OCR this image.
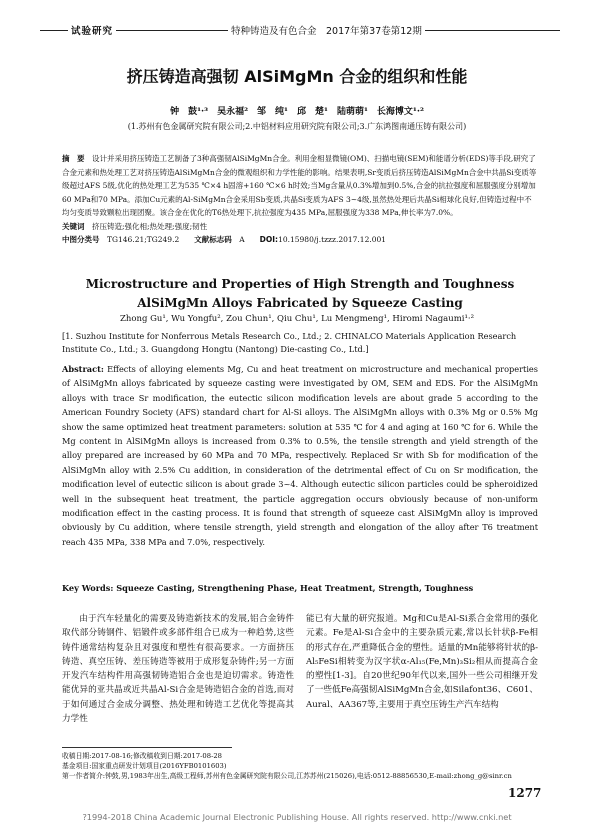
试验研究	特种铸造及有色合金　2017年第37卷第12期
挤压铸造高强韧 AlSiMgMn 合金的组织和性能
钟　鼓¹·³　吴永福²　邹　纯¹　邱　楚¹　陆萌萌¹　长海博文¹·²
(1.苏州有色金属研究院有限公司;2.中铝材料应用研究院有限公司;3.广东鸿图南通压铸有限公司)
摘　要　 设计并采用挤压铸造工艺制备了3种高强韧AlSiMgMn合金。利用金相显微镜(OM)、扫描电镜(SEM)和能谱分析(EDS)等手段,研究了合金元素和热处理工艺对挤压铸造AlSiMgMn合金的微观组织和力学性能的影响。结果表明,Sr变质后挤压铸造AlSiMgMn合金中共晶Si变质等级超过AFS 5级,优化的热处理工艺为535 ℃×4 h固溶+160 ℃×6 h时效;当Mg含量从0.3%增加到0.5%,合金的抗拉强度和屈服强度分别增加60 MPa和70 MPa。添加Cu元素的Al-SiMgMn合金采用Sb变质,共晶Si变质为AFS 3~4级,虽然热处理后共晶Si相球化良好,但铸造过程中不均匀变质导致颗粒出现团聚。该合金在优化的T6热处理下,抗拉强度为435 MPa,屈服强度为338 MPa,伸长率为7.0%。
关键词　 挤压铸造;强化相;热处理;强度;韧性
中图分类号　 TG146.21;TG249.2　　 文献标志码　 A　　 DOI:10.15980/j.tzzz.2017.12.001
Microstructure and Properties of High Strength and Toughness AlSiMgMn Alloys Fabricated by Squeeze Casting
Zhong Gu¹, Wu Yongfu², Zou Chun¹, Qiu Chu¹, Lu Mengmeng¹, Hiromi Nagaumi¹·²
[1. Suzhou Institute for Nonferrous Metals Research Co., Ltd.; 2. CHINALCO Materials Application Research Institute Co., Ltd.; 3. Guangdong Hongtu (Nantong) Die-casting Co., Ltd.]
Abstract: Effects of alloying elements Mg, Cu and heat treatment on microstructure and mechanical properties of AlSiMgMn alloys fabricated by squeeze casting were investigated by OM, SEM and EDS. For the AlSiMgMn alloys with trace Sr modification, the eutectic silicon modification levels are about grade 5 according to the American Foundry Society (AFS) standard chart for Al-Si alloys. The AlSiMgMn alloys with 0.3% Mg or 0.5% Mg show the same optimized heat treatment parameters: solution at 535 ℃ for 4 and aging at 160 ℃ for 6. While the Mg content in AlSiMgMn alloys is increased from 0.3% to 0.5%, the tensile strength and yield strength of the alloy prepared are increased by 60 MPa and 70 MPa, respectively. Replaced Sr with Sb for modification of the AlSiMgMn alloy with 2.5% Cu addition, in consideration of the detrimental effect of Cu on Sr modification, the modification level of eutectic silicon is about grade 3~4. Although eutectic silicon particles could be spheroidized well in the subsequent heat treatment, the particle aggregation occurs obviously because of non-uniform modification effect in the casting process. It is found that strength of squeeze cast AlSiMgMn alloy is improved obviously by Cu addition, where tensile strength, yield strength and elongation of the alloy after T6 treatment reach 435 MPa, 338 MPa and 7.0%, respectively.
Key Words: Squeeze Casting, Strengthening Phase, Heat Treatment, Strength, Toughness

由于汽车轻量化的需要及铸造新技术的发展,铝合金铸件取代部分铸钢件、铝锻件或多部件组合已成为一种趋势,这些铸件通常结构复杂且对强度和塑性有很高要求。一方面挤压铸造、真空压铸、差压铸造等被用于成形复杂铸件;另一方面开发汽车结构件用高强韧铸造铝合金也是迫切需求。铸造性能优异的亚共晶或近共晶Al-Si合金是铸造铝合金的首选,而对于如何通过合金成分调整、热处理和铸造工艺优化等提高其力学性

能已有大量的研究报道。Mg和Cu是Al-Si系合金常用的强化元素。Fe是Al-Si合金中的主要杂质元素,常以长针状β-Fe相的形式存在,严重降低合金的塑性。适量的Mn能够将针状的β-Al₅FeSi相转变为汉字状α-Al₁₅(Fe,Mn)₃Si₂相从而提高合金的塑性[1-3]。自20世纪90年代以来,国外一些公司相继开发了一些低Fe高强韧AlSiMgMn合金,如Silafont36、C601、Aural、AA367等,主要用于真空压铸生产汽车结构

收稿日期:2017-08-16;修改稿收到日期:2017-08-28
基金项目:国家重点研发计划项目(2016YFB0101603)
第一作者简介:钟鼓,男,1983年出生,高级工程师,苏州有色金属研究院有限公司,江苏苏州(215026),电话:0512-88856530,E-mail:zhong_g@sinr.cn
1277
?1994-2018 China Academic Journal Electronic Publishing House. All rights reserved. http://www.cnki.net
